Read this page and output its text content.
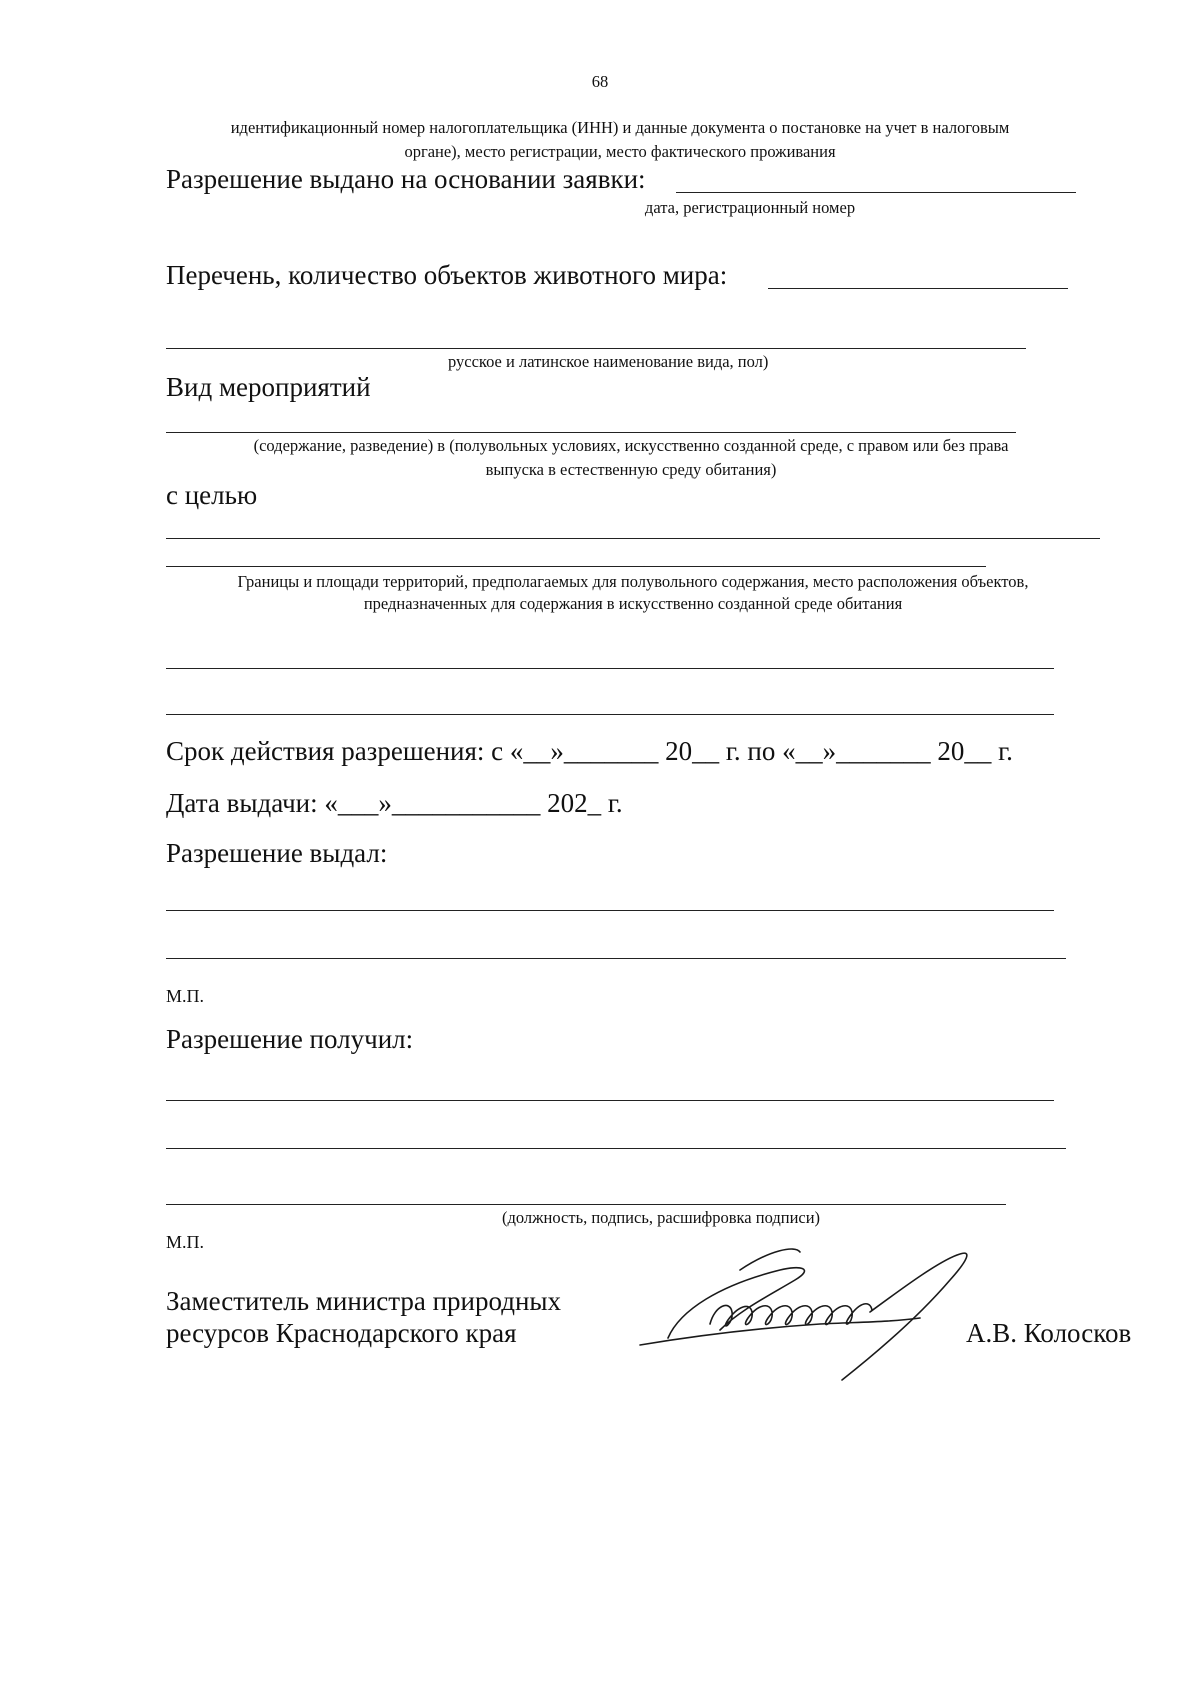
68
идентификационный номер налогоплательщика (ИНН) и данные документа о постановке на учет в налоговым
органе), место регистрации, место фактического проживания
Разрешение выдано на основании заявки:
дата, регистрационный номер
Перечень, количество объектов животного мира:
русское и латинское наименование вида, пол)
Вид мероприятий
(содержание, разведение) в (полувольных условиях, искусственно созданной среде, с правом или без права
выпуска в естественную среду обитания)
с целью
Границы и площади территорий, предполагаемых для полувольного содержания, место расположения объектов,
предназначенных для содержания в искусственно созданной среде обитания
Срок действия разрешения: с «__»_______ 20__ г. по «__»_______ 20__ г.
Дата выдачи: «___»___________ 202_ г.
Разрешение выдал:
М.П.
Разрешение получил:
(должность, подпись, расшифровка подписи)
М.П.
Заместитель министра природных
ресурсов Краснодарского края	А.В. Колосков
